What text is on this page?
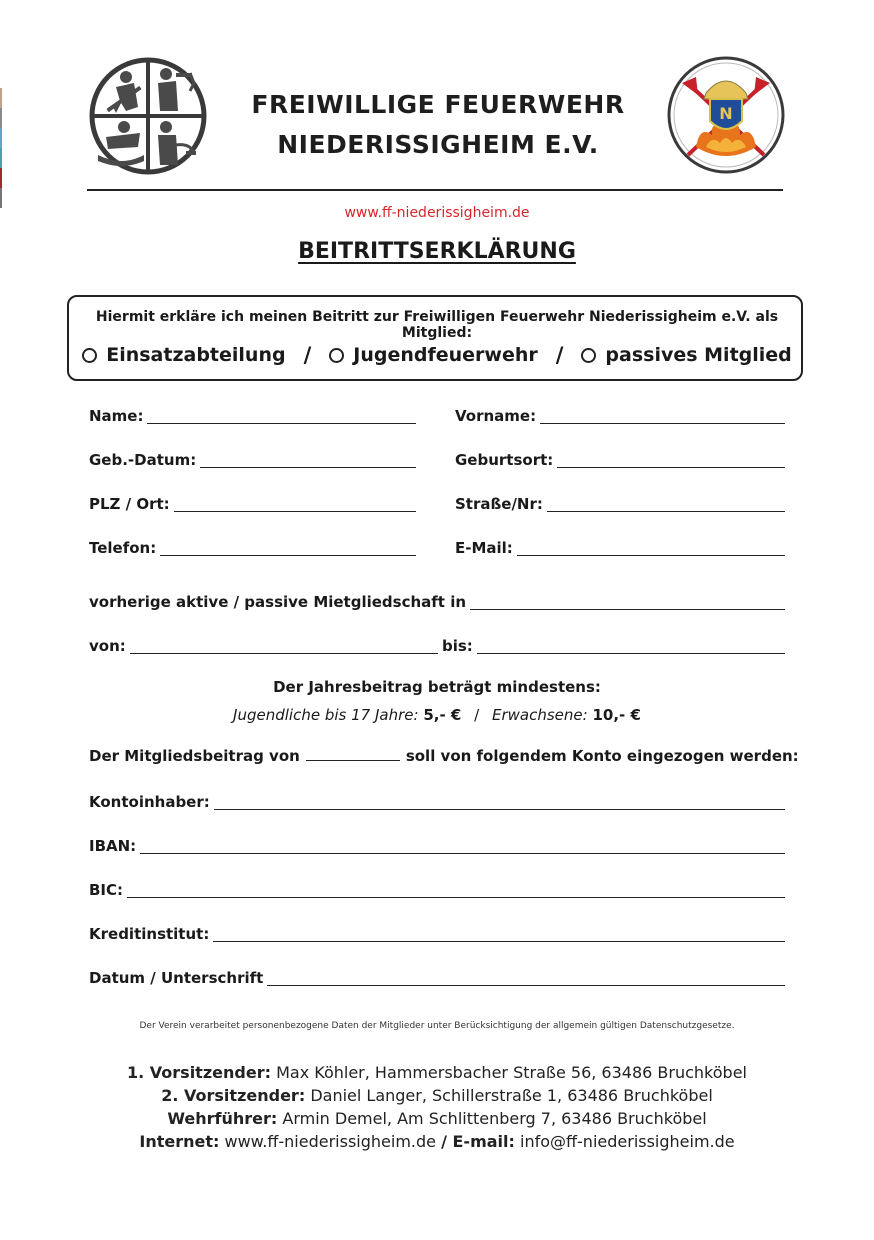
N
FREIWILLIGE FEUERWEHR
NIEDERISSIGHEIM E.V.
www.ff-niederissigheim.de
BEITRITTSERKLÄRUNG
Hiermit erkläre ich meinen Beitritt zur Freiwilligen Feuerwehr Niederissigheim e.V. als Mitglied:
Einsatzabteilung / Jugendfeuerwehr / passives Mitglied
Name:	Vorname:
Geb.-Datum:	Geburtsort:
PLZ / Ort:	Straße/Nr:
Telefon:	E-Mail:
vorherige aktive / passive Mietgliedschaft in
von:	bis:
Der Jahresbeitrag beträgt mindestens:
Jugendliche bis 17 Jahre: 5,- € / Erwachsene: 10,- €
Der Mitgliedsbeitrag von	soll von folgendem Konto eingezogen werden:
Kontoinhaber:
IBAN:
BIC:
Kreditinstitut:
Datum / Unterschrift
Der Verein verarbeitet personenbezogene Daten der Mitglieder unter Berücksichtigung der allgemein gültigen Datenschutzgesetze.
1. Vorsitzender: Max Köhler, Hammersbacher Straße 56, 63486 Bruchköbel
2. Vorsitzender: Daniel Langer, Schillerstraße 1, 63486 Bruchköbel
Wehrführer: Armin Demel, Am Schlittenberg 7, 63486 Bruchköbel
Internet: www.ff-niederissigheim.de / E-mail: info@ff-niederissigheim.de
